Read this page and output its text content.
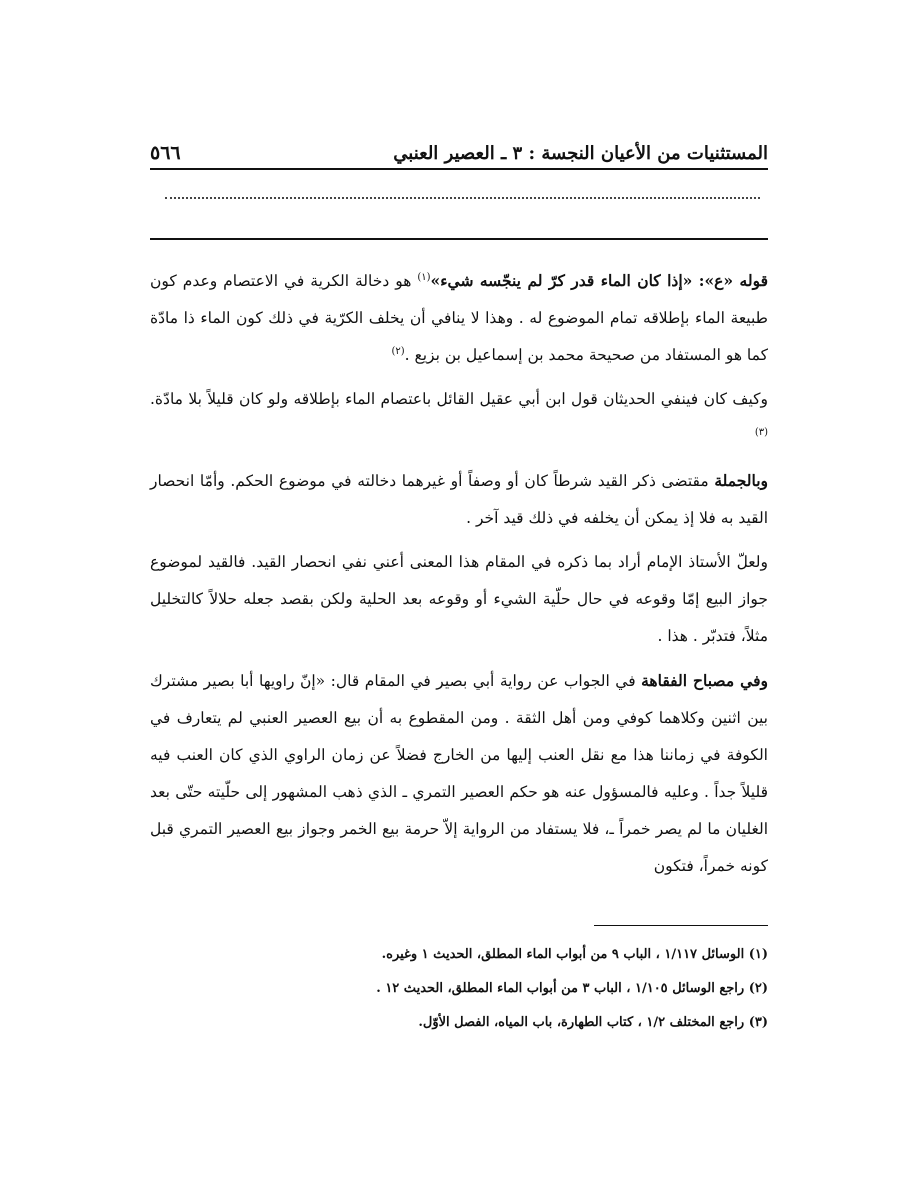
المستثنيات من الأعيان النجسة : ٣ ـ العصير العنبي
٥٦٦

قوله «ع»: «إذا كان الماء قدر كرّ لم ينجّسه شيء»$^{(١)}$ هو دخالة الكرية في الاعتصام وعدم كون طبيعة الماء بإطلاقه تمام الموضوع له . وهذا لا ينافي أن يخلف الكرّية في ذلك كون الماء ذا مادّة كما هو المستفاد من صحيحة محمد بن إسماعيل بن بزيع .$^{(٢)}$

وكيف كان فينفي الحديثان قول ابن أبي عقيل القائل باعتصام الماء بإطلاقه ولو كان قليلاً بلا مادّة.$^{(٣)}$

وبالجملة مقتضى ذكر القيد شرطاً كان أو وصفاً أو غيرهما دخالته في موضوع الحكم. وأمّا انحصار القيد به فلا إذ يمكن أن يخلفه في ذلك قيد آخر .

ولعلّ الأستاذ الإمام أراد بما ذكره في المقام هذا المعنى أعني نفي انحصار القيد. فالقيد لموضوع جواز البيع إمّا وقوعه في حال حلّية الشيء أو وقوعه بعد الحلية ولكن بقصد جعله حلالاً كالتخليل مثلاً، فتدبّر . هذا .

وفي مصباح الفقاهة في الجواب عن رواية أبي بصير في المقام قال: «إنّ راويها أبا بصير مشترك بين اثنين وكلاهما كوفي ومن أهل الثقة . ومن المقطوع به أن بيع العصير العنبي لم يتعارف في الكوفة في زماننا هذا مع نقل العنب إليها من الخارج فضلاً عن زمان الراوي الذي كان العنب فيه قليلاً جداً . وعليه فالمسؤول عنه هو حكم العصير التمري ـ الذي ذهب المشهور إلى حلّيته حتّى بعد الغليان ما لم يصر خمراً ـ، فلا يستفاد من الرواية إلاّ حرمة بيع الخمر وجواز بيع العصير التمري قبل كونه خمراً، فتكون

(١) الوسائل ١/١١٧ ، الباب ٩ من أبواب الماء المطلق، الحديث ١ وغيره.

(٢) راجع الوسائل ١/١٠٥ ، الباب ٣ من أبواب الماء المطلق، الحديث ١٢ .

(٣) راجع المختلف ١/٢ ، كتاب الطهارة، باب المياه، الفصل الأوّل.
